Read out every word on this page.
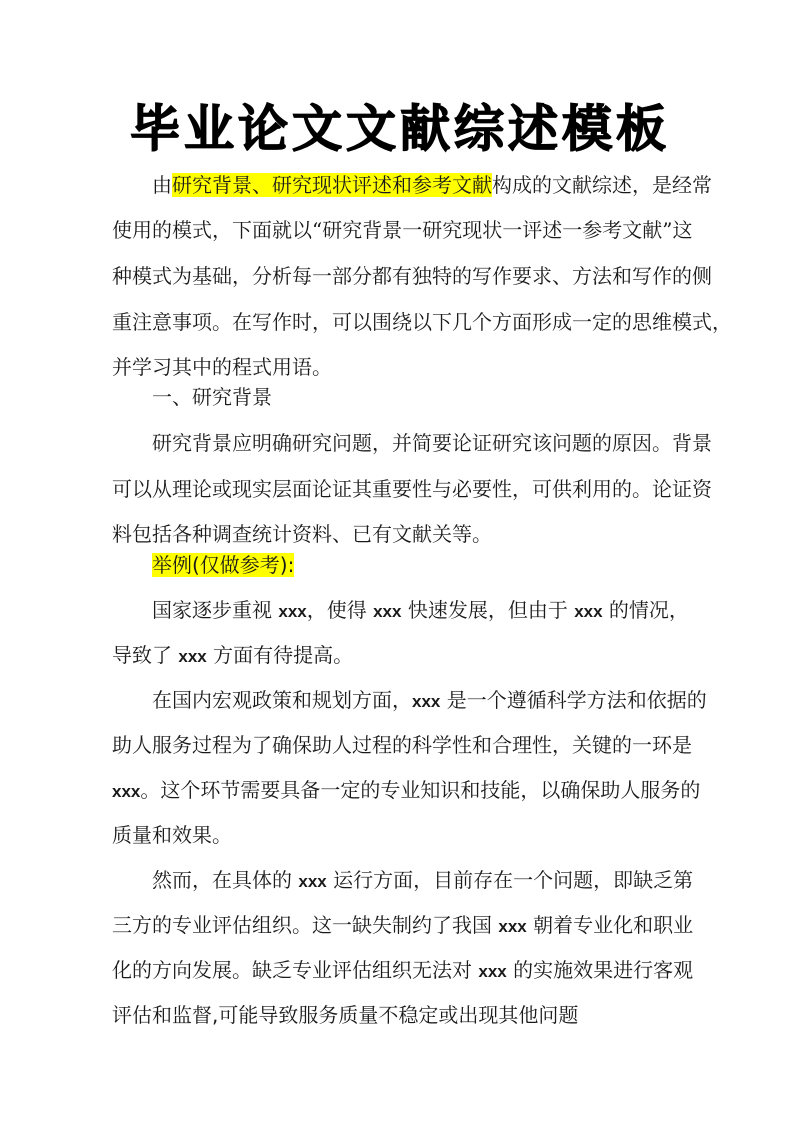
毕业论文文献综述模板
由研究背景、研究现状评述和参考文献构成的文献综述，是经常
使用的模式，下面就以“研究背景一研究现状一评述一参考文献”这
种模式为基础，分析每一部分都有独特的写作要求、方法和写作的侧
重注意事项。在写作时，可以围绕以下几个方面形成一定的思维模式，
并学习其中的程式用语。
一、研究背景
研究背景应明确研究问题，并简要论证研究该问题的原因。背景
可以从理论或现实层面论证其重要性与必要性，可供利用的。论证资
料包括各种调查统计资料、已有文献关等。
举例(仅做参考):
国家逐步重视 xxx，使得 xxx 快速发展，但由于 xxx 的情况，
导致了 xxx 方面有待提高。
在国内宏观政策和规划方面，xxx 是一个遵循科学方法和依据的
助人服务过程为了确保助人过程的科学性和合理性，关键的一环是
xxx。这个环节需要具备一定的专业知识和技能，以确保助人服务的
质量和效果。
然而，在具体的 xxx 运行方面，目前存在一个问题，即缺乏第
三方的专业评估组织。这一缺失制约了我国 xxx 朝着专业化和职业
化的方向发展。缺乏专业评估组织无法对 xxx 的实施效果进行客观
评估和监督,可能导致服务质量不稳定或出现其他问题
